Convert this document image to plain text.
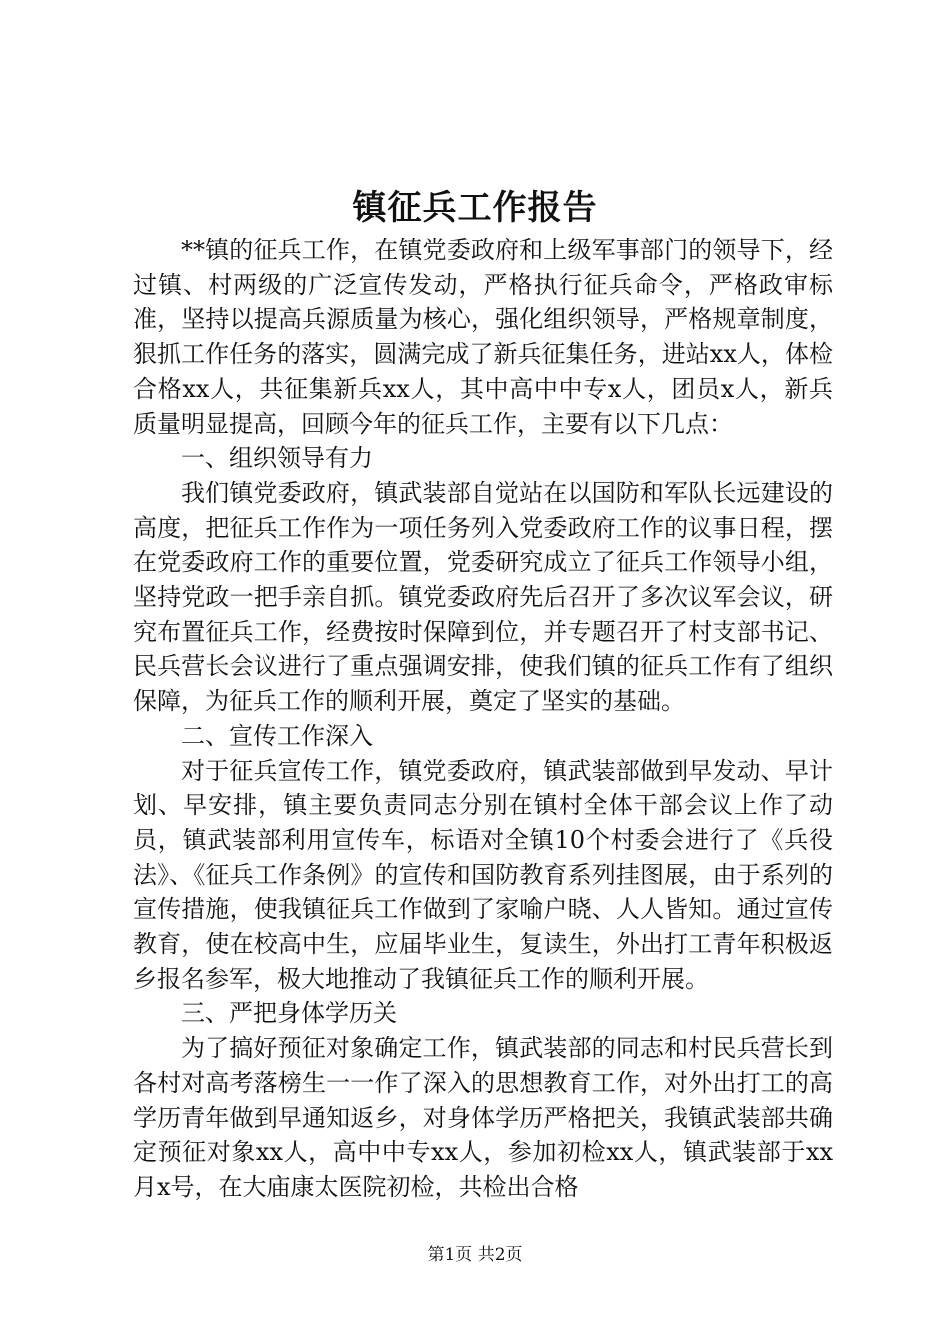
镇征兵工作报告

**镇的征兵工作，在镇党委政府和上级军事部门的领导下，经过镇、村两级的广泛宣传发动，严格执行征兵命令，严格政审标准，坚持以提高兵源质量为核心，强化组织领导，严格规章制度，狠抓工作任务的落实，圆满完成了新兵征集任务，进站xx人，体检合格xx人，共征集新兵xx人，其中高中中专x人，团员x人，新兵质量明显提高，回顾今年的征兵工作，主要有以下几点：

一、组织领导有力

我们镇党委政府，镇武装部自觉站在以国防和军队长远建设的高度，把征兵工作作为一项任务列入党委政府工作的议事日程，摆在党委政府工作的重要位置，党委研究成立了征兵工作领导小组，坚持党政一把手亲自抓。镇党委政府先后召开了多次议军会议，研究布置征兵工作，经费按时保障到位，并专题召开了村支部书记、民兵营长会议进行了重点强调安排，使我们镇的征兵工作有了组织保障，为征兵工作的顺利开展，奠定了坚实的基础。

二、宣传工作深入

对于征兵宣传工作，镇党委政府，镇武装部做到早发动、早计划、早安排，镇主要负责同志分别在镇村全体干部会议上作了动员，镇武装部利用宣传车，标语对全镇10个村委会进行了《兵役法》、《征兵工作条例》的宣传和国防教育系列挂图展，由于系列的宣传措施，使我镇征兵工作做到了家喻户晓、人人皆知。通过宣传教育，使在校高中生，应届毕业生，复读生，外出打工青年积极返乡报名参军，极大地推动了我镇征兵工作的顺利开展。

三、严把身体学历关

为了搞好预征对象确定工作，镇武装部的同志和村民兵营长到各村对高考落榜生一一作了深入的思想教育工作，对外出打工的高学历青年做到早通知返乡，对身体学历严格把关，我镇武装部共确定预征对象xx人，高中中专xx人，参加初检xx人，镇武装部于xx月x号，在大庙康太医院初检，共检出合格

第1页 共2页
